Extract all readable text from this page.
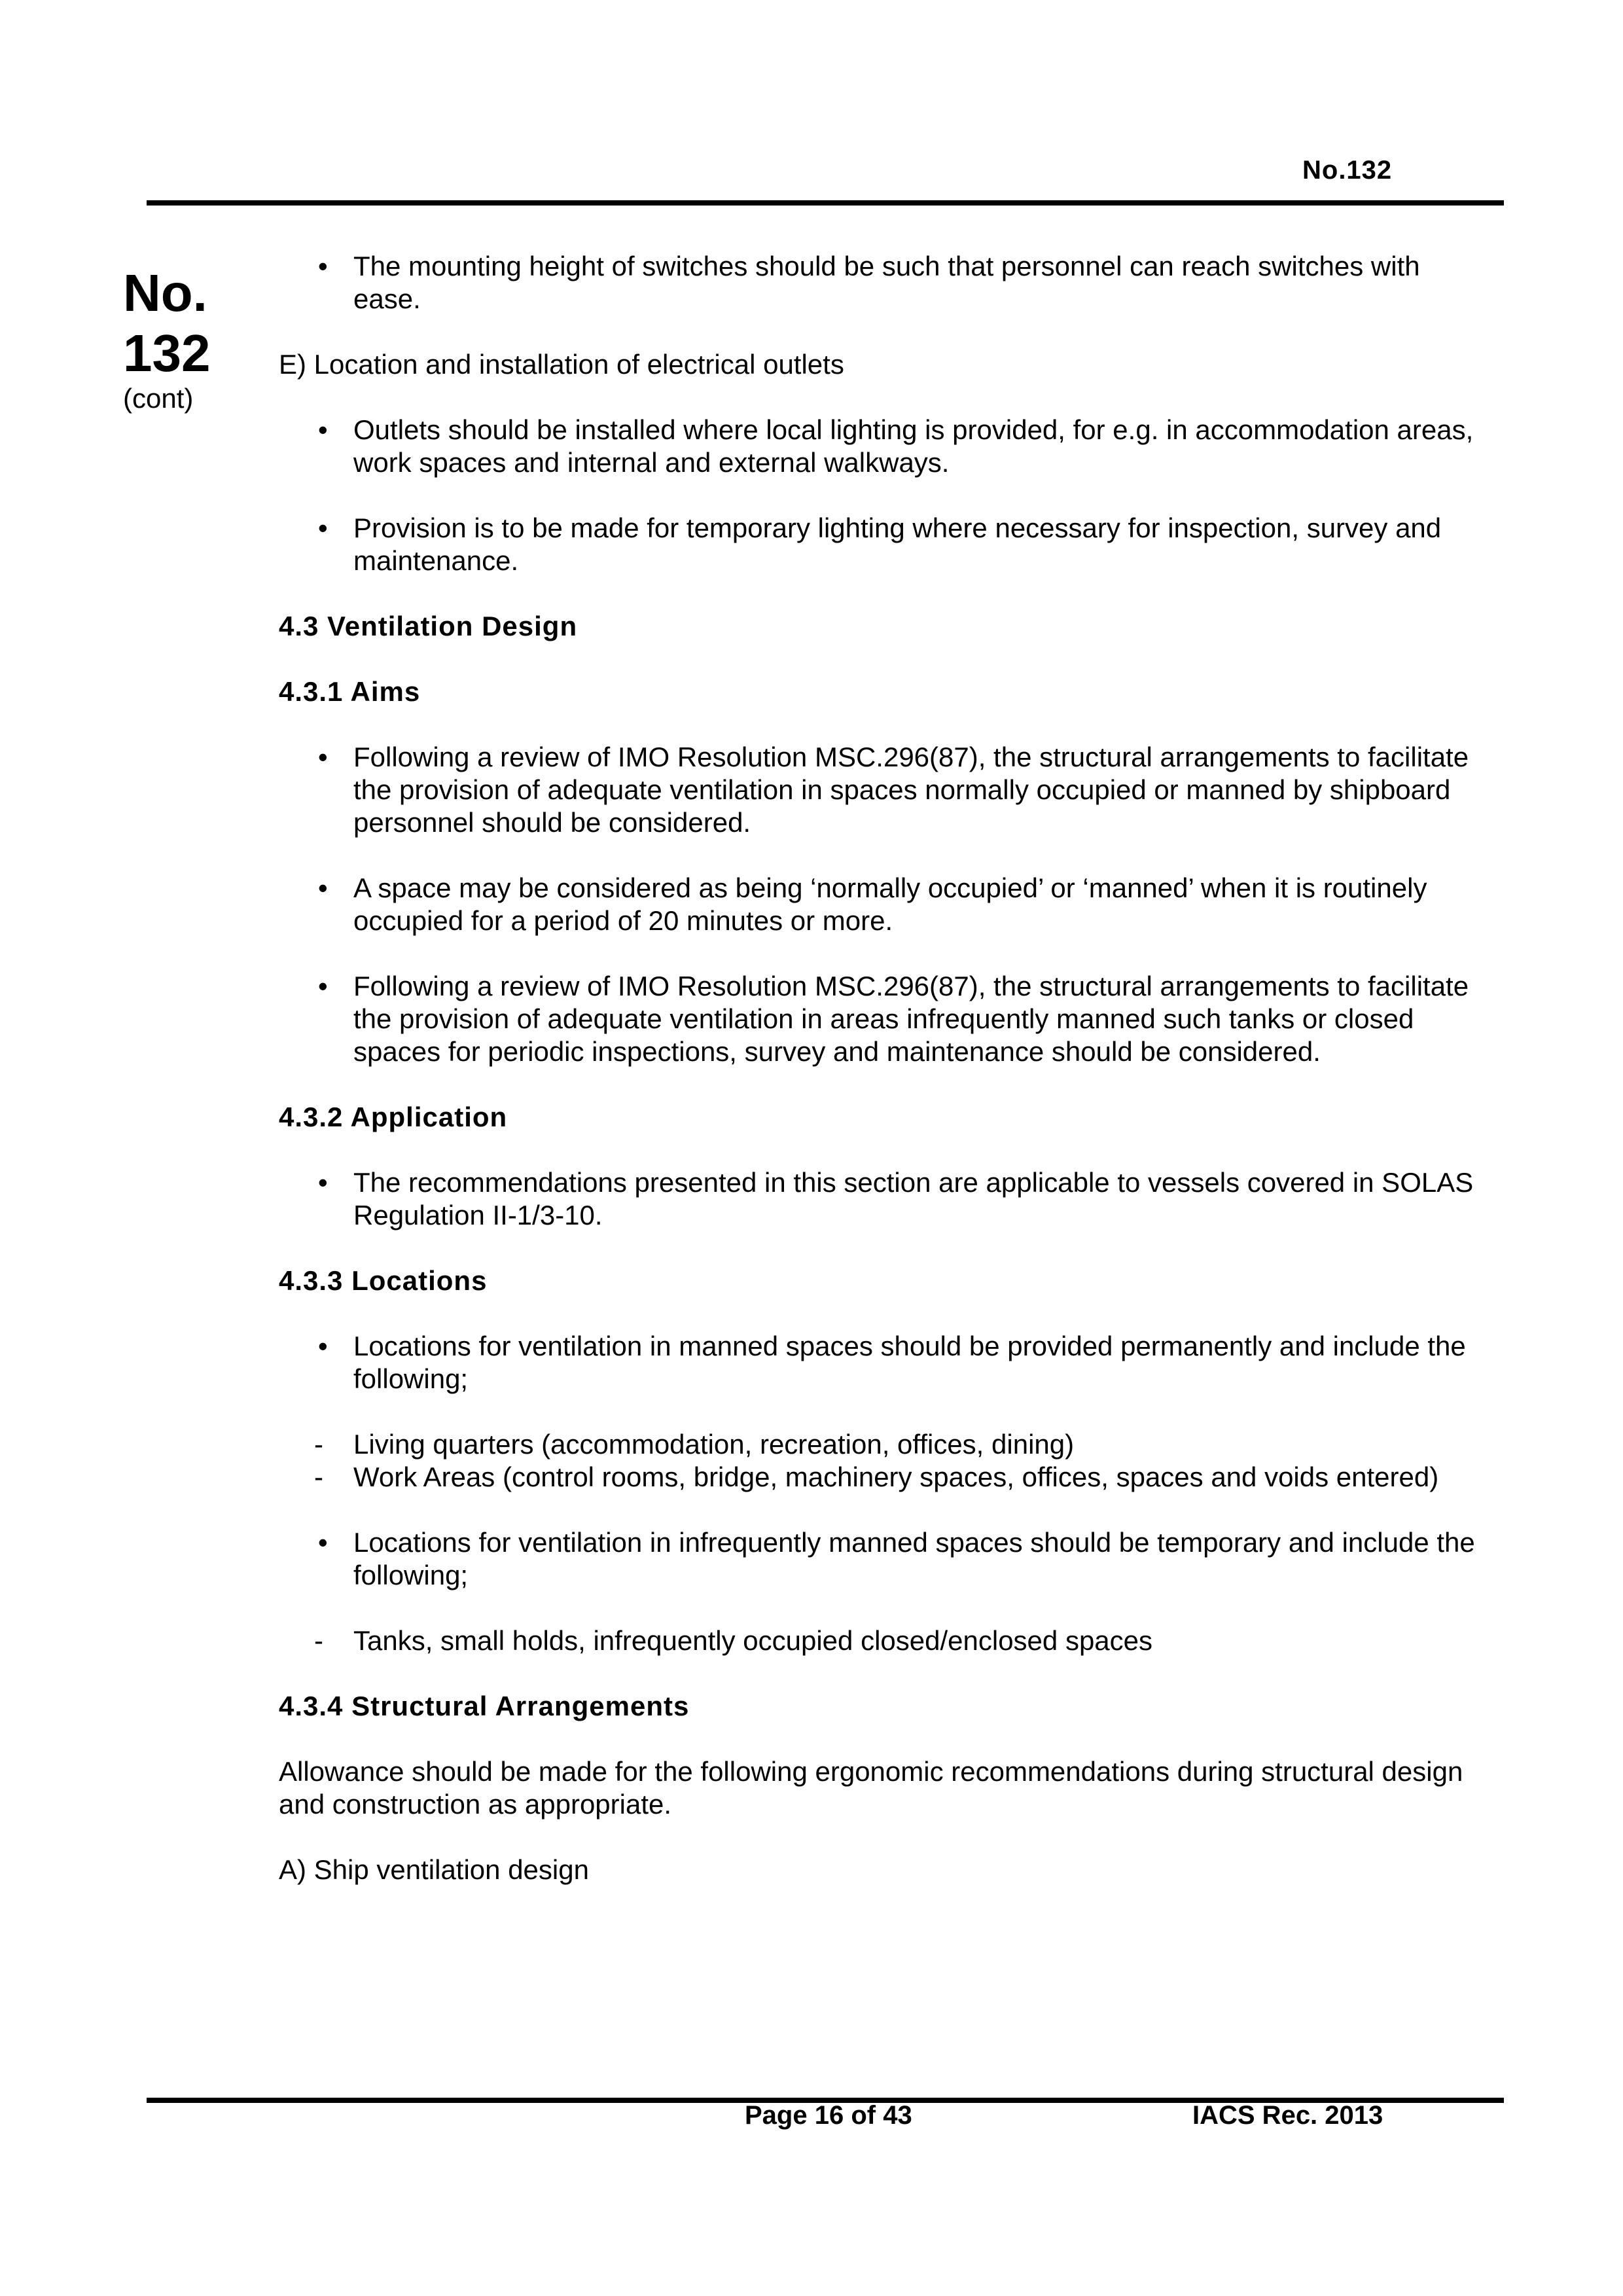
No.132
No.
132
(cont)
• The mounting height of switches should be such that personnel can reach switches with ease.
E) Location and installation of electrical outlets
• Outlets should be installed where local lighting is provided, for e.g. in accommodation areas, work spaces and internal and external walkways.
• Provision is to be made for temporary lighting where necessary for inspection, survey and maintenance.
4.3 Ventilation Design
4.3.1 Aims
• Following a review of IMO Resolution MSC.296(87), the structural arrangements to facilitate the provision of adequate ventilation in spaces normally occupied or manned by shipboard personnel should be considered.
• A space may be considered as being ‘normally occupied’ or ‘manned’ when it is routinely occupied for a period of 20 minutes or more.
• Following a review of IMO Resolution MSC.296(87), the structural arrangements to facilitate the provision of adequate ventilation in areas infrequently manned such tanks or closed spaces for periodic inspections, survey and maintenance should be considered.
4.3.2 Application
• The recommendations presented in this section are applicable to vessels covered in SOLAS Regulation II-1/3-10.
4.3.3 Locations
• Locations for ventilation in manned spaces should be provided permanently and include the following;
- Living quarters (accommodation, recreation, offices, dining)
- Work Areas (control rooms, bridge, machinery spaces, offices, spaces and voids entered)
• Locations for ventilation in infrequently manned spaces should be temporary and include the following;
- Tanks, small holds, infrequently occupied closed/enclosed spaces
4.3.4 Structural Arrangements
Allowance should be made for the following ergonomic recommendations during structural design and construction as appropriate.
A) Ship ventilation design
Page 16 of 43	IACS Rec. 2013
